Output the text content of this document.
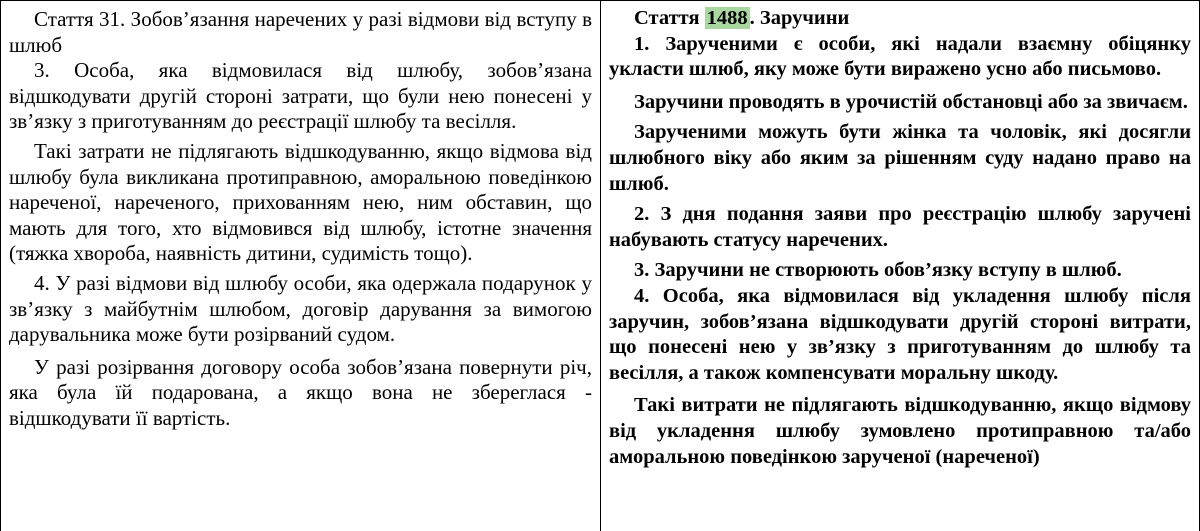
Стаття 31. Зобов’язання наречених у разі відмови від вступу в шлюб

3. Особа, яка відмовилася від шлюбу, зобов’язана відшкодувати другій стороні затрати, що були нею понесені у зв’язку з приготуванням до реєстрації шлюбу та весілля.

Такі затрати не підлягають відшкодуванню, якщо відмова від шлюбу була викликана протиправною, аморальною поведінкою нареченої, нареченого, прихованням нею, ним обставин, що мають для того, хто відмовився від шлюбу, істотне значення (тяжка хвороба, наявність дитини, судимість тощо).

4. У разі відмови від шлюбу особи, яка одержала подарунок у зв’язку з майбутнім шлюбом, договір дарування за вимогою дарувальника може бути розірваний судом.

У разі розірвання договору особа зобов’язана повернути річ, яка була їй подарована, а якщо вона не збереглася - відшкодувати її вартість.

Стаття 1488. Заручини

1. Зарученими є особи, які надали взаємну обіцянку укласти шлюб, яку може бути виражено усно або письмово.

Заручини проводять в урочистій обстановці або за звичаєм.

Зарученими можуть бути жінка та чоловік, які досягли шлюбного віку або яким за рішенням суду надано право на шлюб.

2. З дня подання заяви про реєстрацію шлюбу заручені набувають статусу наречених.

3. Заручини не створюють обов’язку вступу в шлюб.

4. Особа, яка відмовилася від укладення шлюбу після заручин, зобов’язана відшкодувати другій стороні витрати, що понесені нею у зв’язку з приготуванням до шлюбу та весілля, а також компенсувати моральну шкоду.

Такі витрати не підлягають відшкодуванню, якщо відмову від укладення шлюбу зумовлено протиправною та/або аморальною поведінкою зарученої (нареченої)
